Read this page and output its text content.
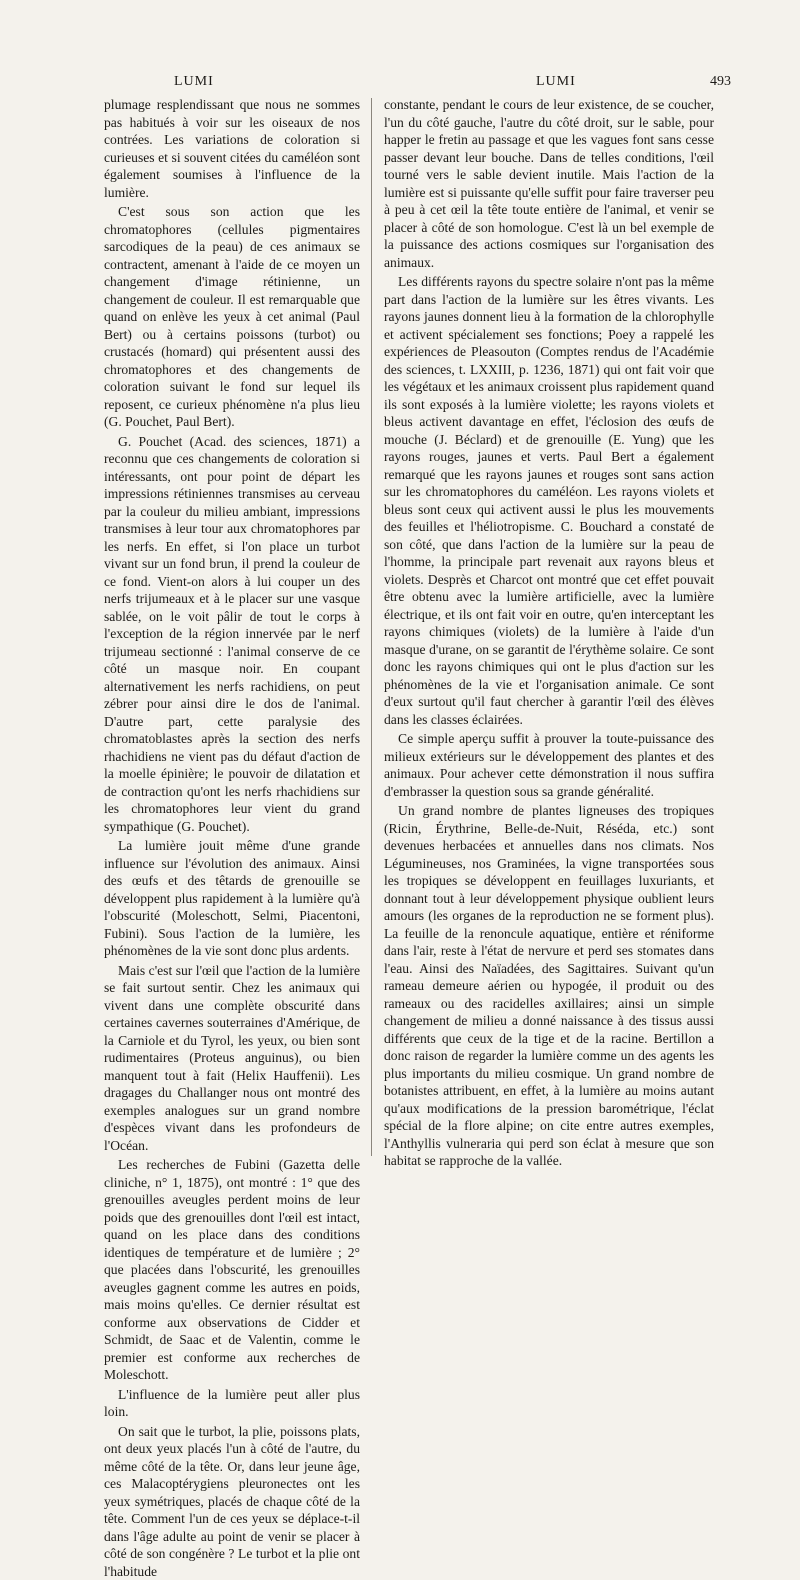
LUMI	LUMI	493

plumage resplendissant que nous ne sommes pas habitués à voir sur les oiseaux de nos contrées. Les variations de coloration si curieuses et si souvent citées du caméléon sont également soumises à l'influence de la lumière.

C'est sous son action que les chromatophores (cellules pigmentaires sarcodiques de la peau) de ces animaux se contractent, amenant à l'aide de ce moyen un changement d'image rétinienne, un changement de couleur. Il est remarquable que quand on enlève les yeux à cet animal (Paul Bert) ou à certains poissons (turbot) ou crustacés (homard) qui présentent aussi des chromatophores et des changements de coloration suivant le fond sur lequel ils reposent, ce curieux phénomène n'a plus lieu (G. Pouchet, Paul Bert).

G. Pouchet (Acad. des sciences, 1871) a reconnu que ces changements de coloration si intéressants, ont pour point de départ les impressions rétiniennes transmises au cerveau par la couleur du milieu ambiant, impressions transmises à leur tour aux chromatophores par les nerfs. En effet, si l'on place un turbot vivant sur un fond brun, il prend la couleur de ce fond. Vient-on alors à lui couper un des nerfs trijumeaux et à le placer sur une vasque sablée, on le voit pâlir de tout le corps à l'exception de la région innervée par le nerf trijumeau sectionné : l'animal conserve de ce côté un masque noir. En coupant alternativement les nerfs rachidiens, on peut zébrer pour ainsi dire le dos de l'animal. D'autre part, cette paralysie des chromatoblastes après la section des nerfs rhachidiens ne vient pas du défaut d'action de la moelle épinière; le pouvoir de dilatation et de contraction qu'ont les nerfs rhachidiens sur les chromatophores leur vient du grand sympathique (G. Pouchet).

La lumière jouit même d'une grande influence sur l'évolution des animaux. Ainsi des œufs et des têtards de grenouille se développent plus rapidement à la lumière qu'à l'obscurité (Moleschott, Selmi, Piacentoni, Fubini). Sous l'action de la lumière, les phénomènes de la vie sont donc plus ardents.

Mais c'est sur l'œil que l'action de la lumière se fait surtout sentir. Chez les animaux qui vivent dans une complète obscurité dans certaines cavernes souterraines d'Amérique, de la Carniole et du Tyrol, les yeux, ou bien sont rudimentaires (Proteus anguinus), ou bien manquent tout à fait (Helix Hauffenii). Les dragages du Challanger nous ont montré des exemples analogues sur un grand nombre d'espèces vivant dans les profondeurs de l'Océan.

Les recherches de Fubini (Gazetta delle cliniche, n° 1, 1875), ont montré : 1° que des grenouilles aveugles perdent moins de leur poids que des grenouilles dont l'œil est intact, quand on les place dans des conditions identiques de température et de lumière ; 2° que placées dans l'obscurité, les grenouilles aveugles gagnent comme les autres en poids, mais moins qu'elles. Ce dernier résultat est conforme aux observations de Cidder et Schmidt, de Saac et de Valentin, comme le premier est conforme aux recherches de Moleschott.

L'influence de la lumière peut aller plus loin.

On sait que le turbot, la plie, poissons plats, ont deux yeux placés l'un à côté de l'autre, du même côté de la tête. Or, dans leur jeune âge, ces Malacoptérygiens pleuronectes ont les yeux symétriques, placés de chaque côté de la tête. Comment l'un de ces yeux se déplace-t-il dans l'âge adulte au point de venir se placer à côté de son congénère ? Le turbot et la plie ont l'habitude

constante, pendant le cours de leur existence, de se coucher, l'un du côté gauche, l'autre du côté droit, sur le sable, pour happer le fretin au passage et que les vagues font sans cesse passer devant leur bouche. Dans de telles conditions, l'œil tourné vers le sable devient inutile. Mais l'action de la lumière est si puissante qu'elle suffit pour faire traverser peu à peu à cet œil la tête toute entière de l'animal, et venir se placer à côté de son homologue. C'est là un bel exemple de la puissance des actions cosmiques sur l'organisation des animaux.

Les différents rayons du spectre solaire n'ont pas la même part dans l'action de la lumière sur les êtres vivants. Les rayons jaunes donnent lieu à la formation de la chlorophylle et activent spécialement ses fonctions; Poey a rappelé les expériences de Pleasouton (Comptes rendus de l'Académie des sciences, t. LXXIII, p. 1236, 1871) qui ont fait voir que les végétaux et les animaux croissent plus rapidement quand ils sont exposés à la lumière violette; les rayons violets et bleus activent davantage en effet, l'éclosion des œufs de mouche (J. Béclard) et de grenouille (E. Yung) que les rayons rouges, jaunes et verts. Paul Bert a également remarqué que les rayons jaunes et rouges sont sans action sur les chromatophores du caméléon. Les rayons violets et bleus sont ceux qui activent aussi le plus les mouvements des feuilles et l'héliotropisme. C. Bouchard a constaté de son côté, que dans l'action de la lumière sur la peau de l'homme, la principale part revenait aux rayons bleus et violets. Desprès et Charcot ont montré que cet effet pouvait être obtenu avec la lumière artificielle, avec la lumière électrique, et ils ont fait voir en outre, qu'en interceptant les rayons chimiques (violets) de la lumière à l'aide d'un masque d'urane, on se garantit de l'érythème solaire. Ce sont donc les rayons chimiques qui ont le plus d'action sur les phénomènes de la vie et l'organisation animale. Ce sont d'eux surtout qu'il faut chercher à garantir l'œil des élèves dans les classes éclairées.

Ce simple aperçu suffit à prouver la toute-puissance des milieux extérieurs sur le développement des plantes et des animaux. Pour achever cette démonstration il nous suffira d'embrasser la question sous sa grande généralité.

Un grand nombre de plantes ligneuses des tropiques (Ricin, Érythrine, Belle-de-Nuit, Réséda, etc.) sont devenues herbacées et annuelles dans nos climats. Nos Légumineuses, nos Graminées, la vigne transportées sous les tropiques se développent en feuillages luxuriants, et donnant tout à leur développement physique oublient leurs amours (les organes de la reproduction ne se forment plus). La feuille de la renoncule aquatique, entière et réniforme dans l'air, reste à l'état de nervure et perd ses stomates dans l'eau. Ainsi des Naïadées, des Sagittaires. Suivant qu'un rameau demeure aérien ou hypogée, il produit ou des rameaux ou des racidelles axillaires; ainsi un simple changement de milieu a donné naissance à des tissus aussi différents que ceux de la tige et de la racine. Bertillon a donc raison de regarder la lumière comme un des agents les plus importants du milieu cosmique. Un grand nombre de botanistes attribuent, en effet, à la lumière au moins autant qu'aux modifications de la pression barométrique, l'éclat spécial de la flore alpine; on cite entre autres exemples, l'Anthyllis vulneraria qui perd son éclat à mesure que son habitat se rapproche de la vallée.
